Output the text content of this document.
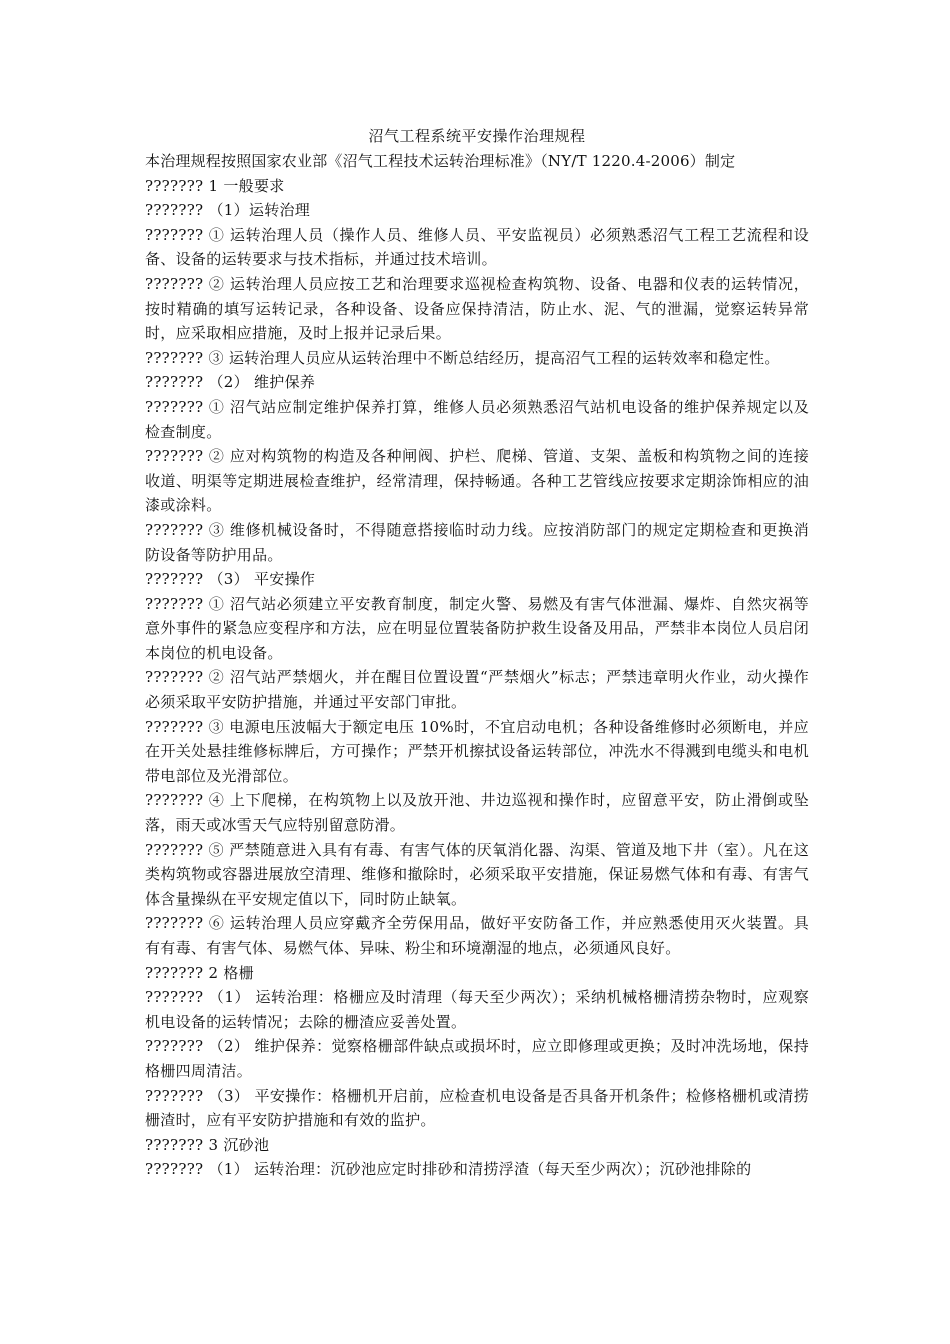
沼气工程系统平安操作治理规程

本治理规程按照国家农业部《沼气工程技术运转治理标准》（NY/T 1220.4-2006）制定

??????? 1 一般要求

??????? （1）运转治理

??????? ① 运转治理人员（操作人员、维修人员、平安监视员）必须熟悉沼气工程工艺流程和设备、设备的运转要求与技术指标，并通过技术培训。

??????? ② 运转治理人员应按工艺和治理要求巡视检查构筑物、设备、电器和仪表的运转情况，按时精确的填写运转记录，各种设备、设备应保持清洁，防止水、泥、气的泄漏，觉察运转异常时，应采取相应措施，及时上报并记录后果。

??????? ③ 运转治理人员应从运转治理中不断总结经历，提高沼气工程的运转效率和稳定性。

??????? （2） 维护保养

??????? ① 沼气站应制定维护保养打算，维修人员必须熟悉沼气站机电设备的维护保养规定以及检查制度。

??????? ② 应对构筑物的构造及各种闸阀、护栏、爬梯、管道、支架、盖板和构筑物之间的连接收道、明渠等定期进展检查维护，经常清理，保持畅通。各种工艺管线应按要求定期涂饰相应的油漆或涂料。

??????? ③ 维修机械设备时，不得随意搭接临时动力线。应按消防部门的规定定期检查和更换消防设备等防护用品。

??????? （3） 平安操作

??????? ① 沼气站必须建立平安教育制度，制定火警、易燃及有害气体泄漏、爆炸、自然灾祸等意外事件的紧急应变程序和方法，应在明显位置装备防护救生设备及用品，严禁非本岗位人员启闭本岗位的机电设备。

??????? ② 沼气站严禁烟火，并在醒目位置设置“严禁烟火”标志；严禁违章明火作业，动火操作必须采取平安防护措施，并通过平安部门审批。

??????? ③ 电源电压波幅大于额定电压 10%时，不宜启动电机；各种设备维修时必须断电，并应在开关处悬挂维修标牌后，方可操作；严禁开机擦拭设备运转部位，冲洗水不得溅到电缆头和电机带电部位及光滑部位。

??????? ④ 上下爬梯，在构筑物上以及放开池、井边巡视和操作时，应留意平安，防止滑倒或坠落，雨天或冰雪天气应特别留意防滑。

??????? ⑤ 严禁随意进入具有有毒、有害气体的厌氧消化器、沟渠、管道及地下井（室）。凡在这类构筑物或容器进展放空清理、维修和撤除时，必须采取平安措施，保证易燃气体和有毒、有害气体含量操纵在平安规定值以下，同时防止缺氧。

??????? ⑥ 运转治理人员应穿戴齐全劳保用品，做好平安防备工作，并应熟悉使用灭火装置。具有有毒、有害气体、易燃气体、异味、粉尘和环境潮湿的地点，必须通风良好。

??????? 2 格栅

??????? （1） 运转治理：格栅应及时清理（每天至少两次）；采纳机械格栅清捞杂物时，应观察机电设备的运转情况；去除的栅渣应妥善处置。

??????? （2） 维护保养：觉察格栅部件缺点或损坏时，应立即修理或更换；及时冲洗场地，保持格栅四周清洁。

??????? （3） 平安操作：格栅机开启前，应检查机电设备是否具备开机条件；检修格栅机或清捞栅渣时，应有平安防护措施和有效的监护。

??????? 3 沉砂池

??????? （1） 运转治理：沉砂池应定时排砂和清捞浮渣（每天至少两次）；沉砂池排除的
